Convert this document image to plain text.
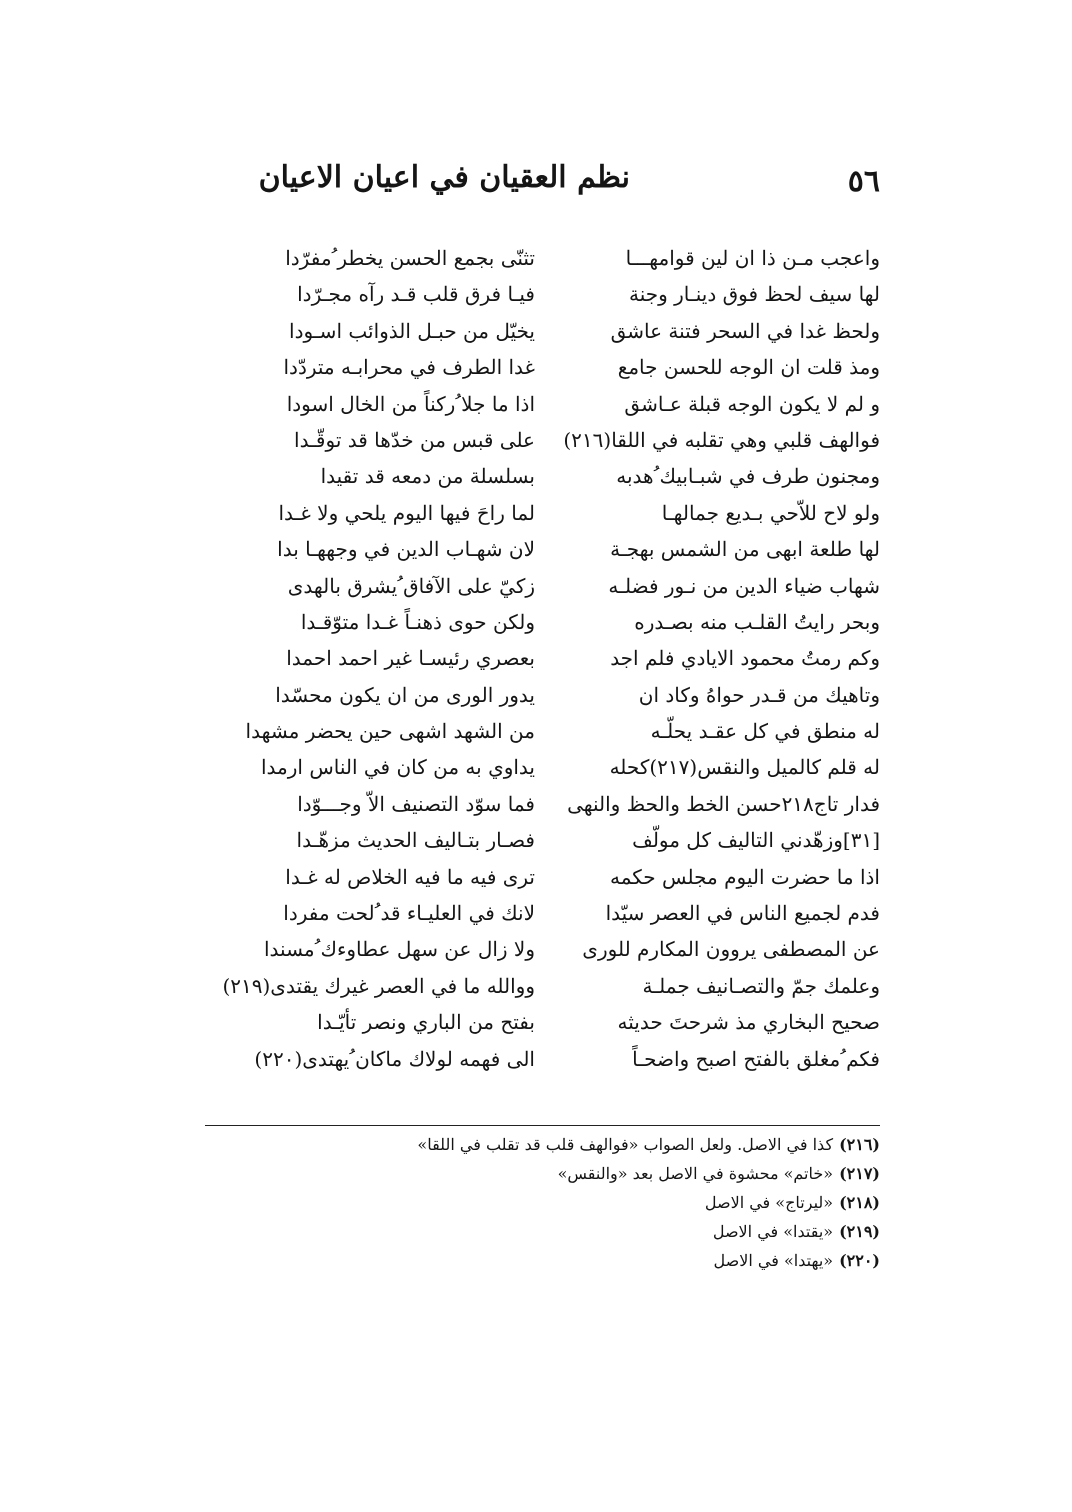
٥٦
نظم العقيان في اعيان الاعيان
واعجب مـن ذا ان لين قوامهـــا
تثنّى بجمع الحسن يخطر ُمفرّدا
لها سيف لحظ فوق دينـار وجنة
فيـا فرق قلب قـد رآه مجـرّدا
ولحظ غدا في السحر فتنة عاشق
يخيّل من حبـل الذوائب اسـودا
ومذ قلت ان الوجه للحسن جامع
غدا الطرف في محرابـه متردّدا
و لم لا يكون الوجه قبلة عـاشق
اذا ما جلا ُركناً من الخال اسودا
فوالهف قلبي وهي تقلبه في اللقا(٢١٦)
على قبس من خدّها قد توقّـدا
ومجنون طرف في شبـابيك ُهدبه
بسلسلة من دمعه قد تقيدا
ولو لاح للاّحي بـديع جمالهـا
لما راحَ فيها اليوم يلحي ولا غـدا
لها طلعة ابهى من الشمس بهجـة
لان شهـاب الدين في وجههـا بدا
شهاب ضياء الدين من نـور فضلـه
زكيّ على الآفاق ُيشرق بالهدى
وبحر رايتُ القلـب منه بصـدره
ولكن حوى ذهنـاً غـدا متوّقـدا
وكم رمتُ محمود الايادي فلم اجد
بعصري رئيسـا غير احمد احمدا
وتاهيك من قـدر حواهُ وكاد ان
يدور الورى من ان يكون محسّدا
له منطق في كل عقـد يحلّـه
من الشهد اشهى حين يحضر مشهدا
له قلم كالميل والنقس(٢١٧)كحله
يداوي به من كان في الناس ارمدا
فدار تاج٢١٨حسن الخط والحظ والنهى
فما سوّد التصنيف الاّ وجـــوّدا
[٣١]وزهّدني التاليف كل مولّف
فصـار بتـاليف الحديث مزهّـدا
اذا ما حضرت اليوم مجلس حكمه
ترى فيه ما فيه الخلاص له غـدا
فدم لجميع الناس في العصر سيّدا
لانك في العليـاء قد ُلحت مفردا
عن المصطفى يروون المكارم للورى
ولا زال عن سهل عطاوءك ُمسندا
وعلمك جمّ والتصـانيف جملـة
ووالله ما في العصر غيرك يقتدى(٢١٩)
صحيح البخاري مذ شرحتَ حديثه
بفتح من الباري ونصر تأيّـدا
فكم ُمغلق بالفتح اصبح واضحـاً
الى فهمه لولاك ماكان ُيهتدى(٢٢٠)
(٢١٦)كذا في الاصل. ولعل الصواب «فوالهف قلب قد تقلب في اللقا»
(٢١٧)«خاتم» محشوة في الاصل بعد «والنقس»
(٢١٨)«ليرتاج» في الاصل
(٢١٩)«يقتدا» في الاصل
(٢٢٠)«يهتدا» في الاصل
